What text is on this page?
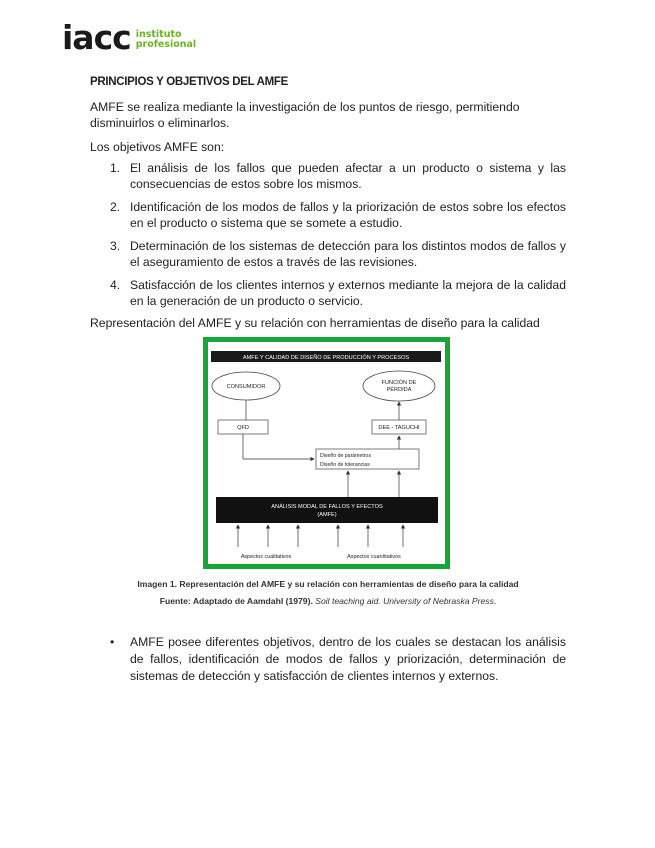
iacc instituto
profesional
PRINCIPIOS Y OBJETIVOS DEL AMFE
AMFE se realiza mediante la investigación de los puntos de riesgo, permitiendo disminuirlos o eliminarlos.
Los objetivos AMFE son:
1. El análisis de los fallos que pueden afectar a un producto o sistema y las consecuencias de estos sobre los mismos.
2. Identificación de los modos de fallos y la priorización de estos sobre los efectos en el producto o sistema que se somete a estudio.
3. Determinación de los sistemas de detección para los distintos modos de fallos y el aseguramiento de estos a través de las revisiones.
4. Satisfacción de los clientes internos y externos mediante la mejora de la calidad en la generación de un producto o servicio.
Representación del AMFE y su relación con herramientas de diseño para la calidad
AMFE Y CALIDAD DE DISEÑO DE PRODUCCIÓN Y PROCESOS
CONSUMIDOR
FUNCIÓN DE
PÉRDIDA
QFD	DEE - TAGUCHI
Diseño de parámetros
Diseño de tolerancias
ANÁLISIS MODAL DE FALLOS Y EFECTOS
(AMFE)
Aspectos cualitativos	Aspectos cuantitativos
Imagen 1. Representación del AMFE y su relación con herramientas de diseño para la calidad
Fuente: Adaptado de Aamdahl (1979). Soil teaching aid. University of Nebraska Press.
• AMFE posee diferentes objetivos, dentro de los cuales se destacan los análisis de fallos, identificación de modos de fallos y priorización, determinación de sistemas de detección y satisfacción de clientes internos y externos.
